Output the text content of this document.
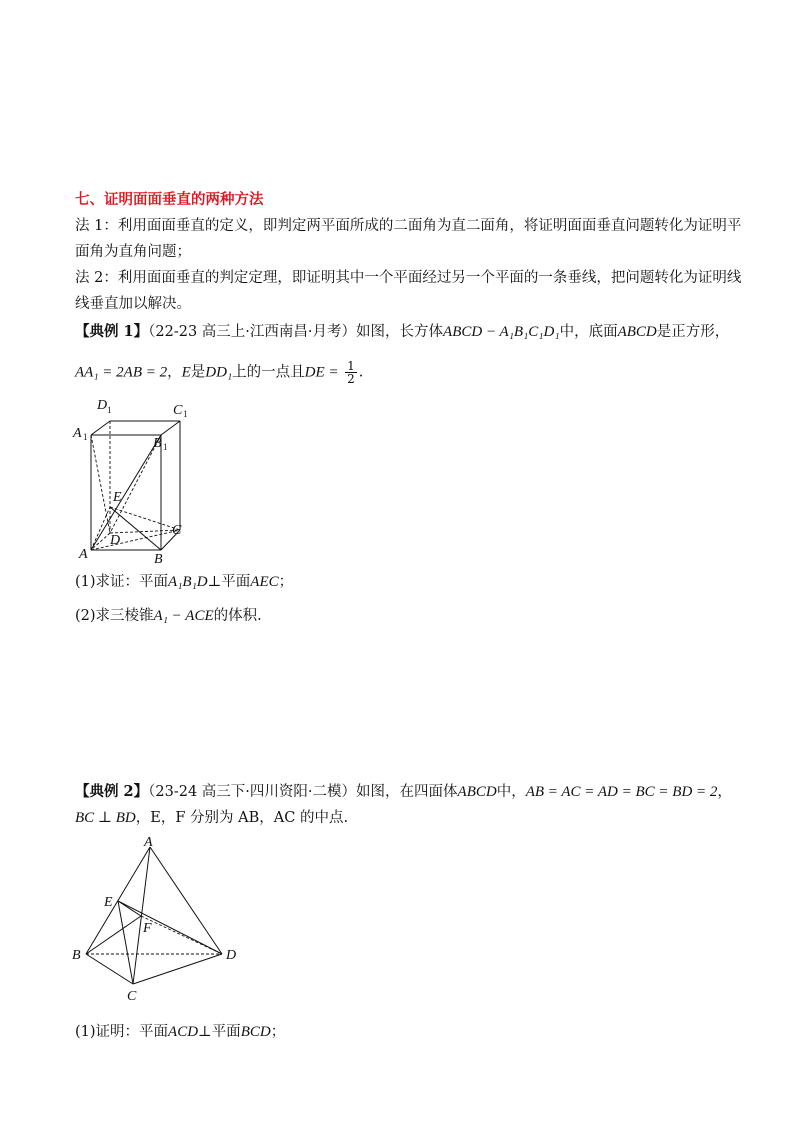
七、证明面面垂直的两种方法
法 1：利用面面垂直的定义，即判定两平面所成的二面角为直二面角，将证明面面垂直问题转化为证明平
面角为直角问题；
法 2：利用面面垂直的判定定理，即证明其中一个平面经过另一个平面的一条垂线，把问题转化为证明线
线垂直加以解决。
【典例 1】（22-23 高三上·江西南昌·月考）如图，长方体ABCD − A₁B₁C₁D₁中，底面ABCD是正方形，
AA₁ = 2AB = 2，E是DD₁上的一点且DE = $\frac{1}{2}$ .
D 1	C 1
A 1	B 1
E
D
C
A	B
(1)求证：平面A₁B₁D⊥平面AEC；
(2)求三棱锥A₁ − ACE的体积.
【典例 2】（23-24 高三下·四川资阳·二模）如图，在四面体ABCD中，AB = AC = AD = BC = BD = 2，
BC ⊥ BD，E，F 分别为 AB，AC 的中点.
A
E
F
B	D
C
(1)证明：平面ACD⊥平面BCD；
